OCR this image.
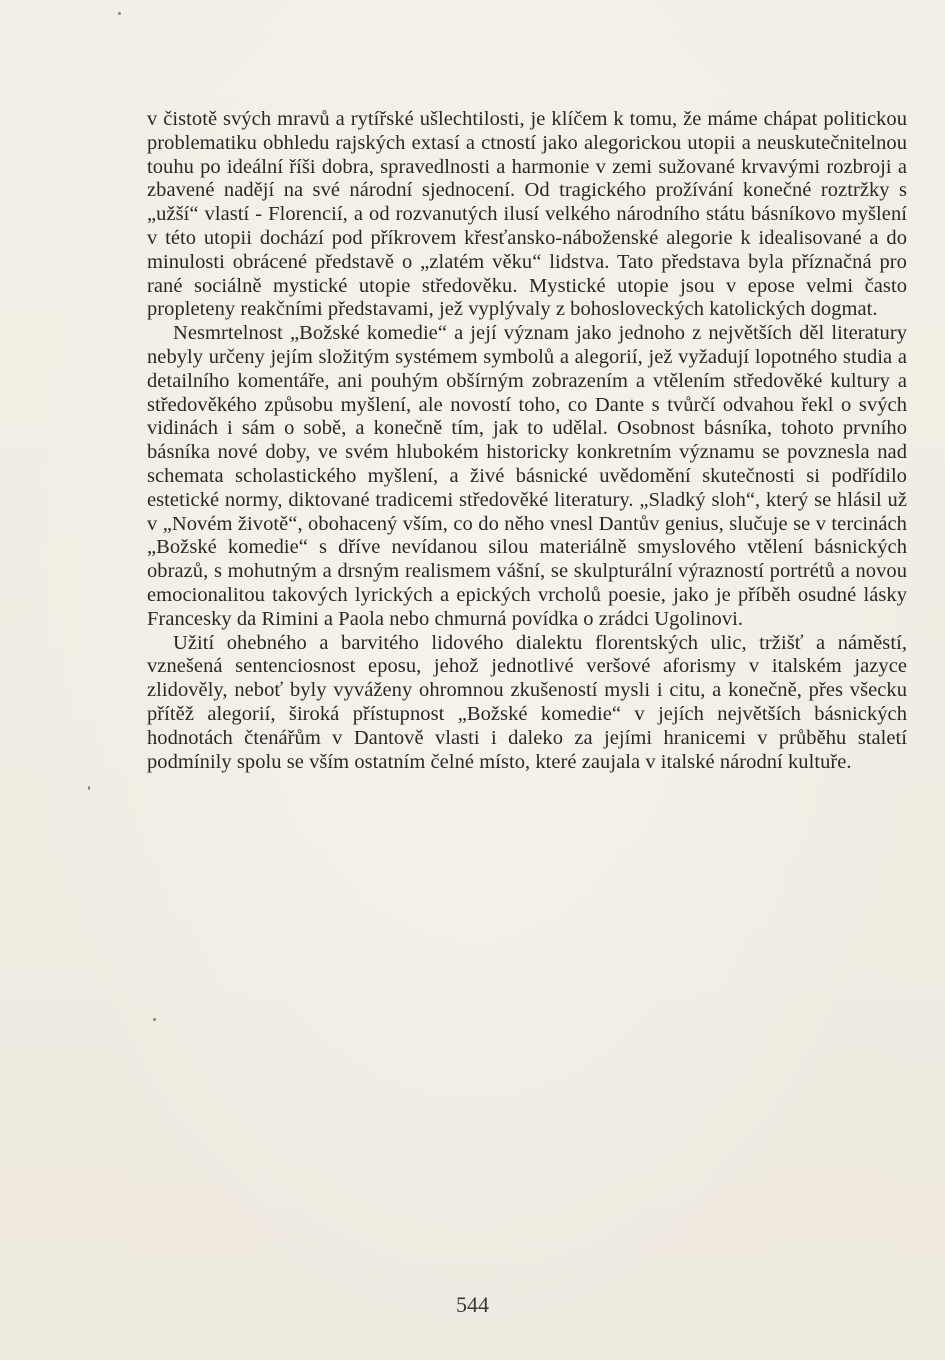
v čistotě svých mravů a rytířské ušlechtilosti, je klíčem k tomu, že máme chápat politickou problematiku obhledu rajských extasí a ctností jako alegorickou utopii a neuskutečnitelnou touhu po ideální říši dobra, spravedlnosti a harmonie v zemi sužované krvavými rozbroji a zbavené nadějí na své národní sjednocení. Od tragického prožívání konečné roztržky s „užší“ vlastí - Florencií, a od rozvanutých ilusí velkého národního státu básníkovo myšlení v této utopii dochází pod příkrovem křesťansko-náboženské alegorie k idealisované a do minulosti obrácené představě o „zlatém věku“ lidstva. Tato představa byla příznačná pro rané sociálně mystické utopie středověku. Mystické utopie jsou v epose velmi často propleteny reakčními představami, jež vyplývaly z bohosloveckých katolických dogmat.

Nesmrtelnost „Božské komedie“ a její význam jako jednoho z největších děl literatury nebyly určeny jejím složitým systémem symbolů a alegorií, jež vyžadují lopotného studia a detailního komentáře, ani pouhým obšírným zobrazením a vtělením středověké kultury a středověkého způsobu myšlení, ale novostí toho, co Dante s tvůrčí odvahou řekl o svých vidinách i sám o sobě, a konečně tím, jak to udělal. Osobnost básníka, tohoto prvního básníka nové doby, ve svém hlubokém historicky konkretním významu se povznesla nad schemata scholastického myšlení, a živé básnické uvědomění skutečnosti si podřídilo estetické normy, diktované tradicemi středověké literatury. „Sladký sloh“, který se hlásil už v „Novém životě“, obohacený vším, co do něho vnesl Dantův genius, slučuje se v tercinách „Božské komedie“ s dříve nevídanou silou materiálně smyslového vtělení básnických obrazů, s mohutným a drsným realismem vášní, se skulpturální výrazností portrétů a novou emocionalitou takových lyrických a epických vrcholů poesie, jako je příběh osudné lásky Francesky da Rimini a Paola nebo chmurná povídka o zrádci Ugolinovi.

Užití ohebného a barvitého lidového dialektu florentských ulic, tržišť a náměstí, vznešená sentenciosnost eposu, jehož jednotlivé veršové aforismy v italském jazyce zlidověly, neboť byly vyváženy ohromnou zkušeností mysli i citu, a konečně, přes všecku přítěž alegorií, široká přístupnost „Božské komedie“ v jejích největších básnických hodnotách čtenářům v Dantově vlasti i daleko za jejími hranicemi v průběhu staletí podmínily spolu se vším ostatním čelné místo, které zaujala v italské národní kultuře.

544
